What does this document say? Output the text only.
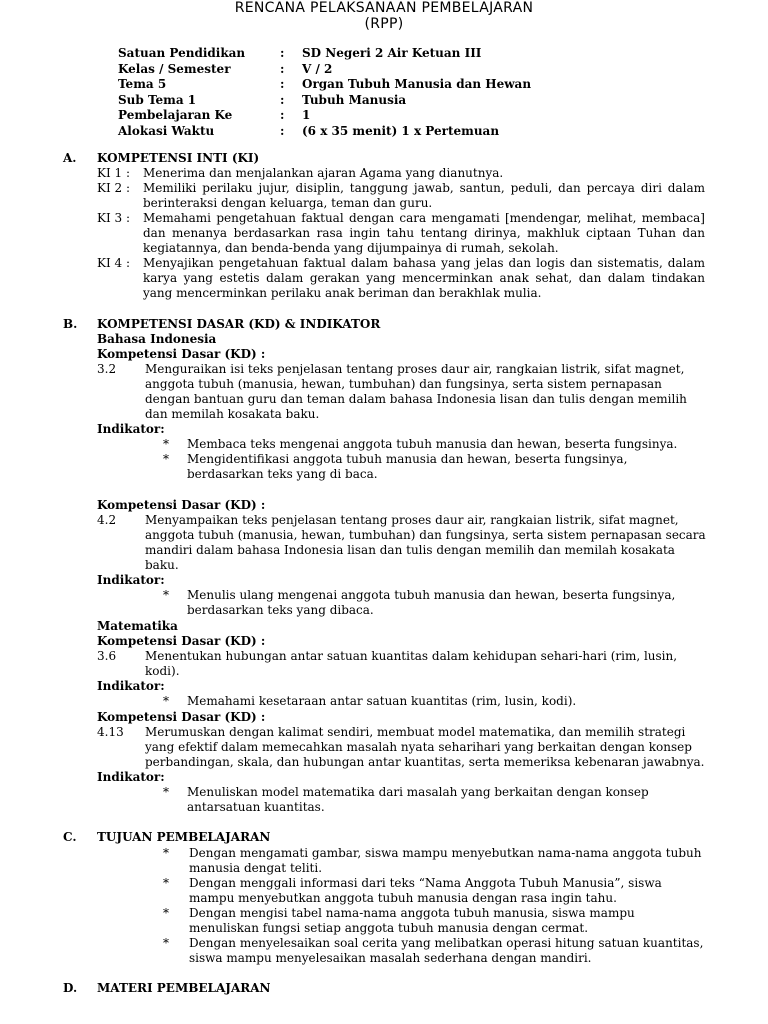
RENCANA PELAKSANAAN PEMBELAJARAN
(RPP)
Satuan Pendidikan	:	SD Negeri 2 Air Ketuan III
Kelas / Semester	:	V / 2
Tema 5	:	Organ Tubuh Manusia dan Hewan
Sub Tema 1	:	Tubuh Manusia
Pembelajaran Ke	:	1
Alokasi Waktu	:	(6 x 35 menit) 1 x Pertemuan
A.	KOMPETENSI INTI (KI)
KI 1 :	Menerima dan menjalankan ajaran Agama yang dianutnya.
KI 2 :	Memiliki perilaku jujur, disiplin, tanggung jawab, santun, peduli, dan percaya diri dalam berinteraksi dengan keluarga, teman dan guru.
KI 3 :	Memahami pengetahuan faktual dengan cara mengamati [mendengar, melihat, membaca] dan menanya berdasarkan rasa ingin tahu tentang dirinya, makhluk ciptaan Tuhan dan kegiatannya, dan benda-benda yang dijumpainya di rumah, sekolah.
KI 4 :	Menyajikan pengetahuan faktual dalam bahasa yang jelas dan logis dan sistematis, dalam karya yang estetis dalam gerakan yang mencerminkan anak sehat, dan dalam tindakan yang mencerminkan perilaku anak beriman dan berakhlak mulia.
B.	KOMPETENSI DASAR (KD) & INDIKATOR
Bahasa Indonesia
Kompetensi Dasar (KD) :
3.2	Menguraikan isi teks penjelasan tentang proses daur air, rangkaian listrik, sifat magnet, anggota tubuh (manusia, hewan, tumbuhan) dan fungsinya, serta sistem pernapasan dengan bantuan guru dan teman dalam bahasa Indonesia lisan dan tulis dengan memilih dan memilah kosakata baku.
Indikator:
*	Membaca teks mengenai anggota tubuh manusia dan hewan, beserta fungsinya.
*	Mengidentifikasi anggota tubuh manusia dan hewan, beserta fungsinya, berdasarkan teks yang di baca.
Kompetensi Dasar (KD) :
4.2	Menyampaikan teks penjelasan tentang proses daur air, rangkaian listrik, sifat magnet, anggota tubuh (manusia, hewan, tumbuhan) dan fungsinya, serta sistem pernapasan secara mandiri dalam bahasa Indonesia lisan dan tulis dengan memilih dan memilah kosakata baku.
Indikator:
*	Menulis ulang mengenai anggota tubuh manusia dan hewan, beserta fungsinya, berdasarkan teks yang dibaca.
Matematika
Kompetensi Dasar (KD) :
3.6	Menentukan hubungan antar satuan kuantitas dalam kehidupan sehari-hari (rim, lusin, kodi).
Indikator:
*	Memahami kesetaraan antar satuan kuantitas (rim, lusin, kodi).
Kompetensi Dasar (KD) :
4.13	Merumuskan dengan kalimat sendiri, membuat model matematika, dan memilih strategi yang efektif dalam memecahkan masalah nyata seharihari yang berkaitan dengan konsep perbandingan, skala, dan hubungan antar kuantitas, serta memeriksa kebenaran jawabnya.
Indikator:
*	Menuliskan model matematika dari masalah yang berkaitan dengan konsep antarsatuan kuantitas.
C.	TUJUAN PEMBELAJARAN
*	Dengan mengamati gambar, siswa mampu menyebutkan nama-nama anggota tubuh manusia dengat teliti.
*	Dengan menggali informasi dari teks “Nama Anggota Tubuh Manusia”, siswa mampu menyebutkan anggota tubuh manusia dengan rasa ingin tahu.
*	Dengan mengisi tabel nama-nama anggota tubuh manusia, siswa mampu menuliskan fungsi setiap anggota tubuh manusia dengan cermat.
*	Dengan menyelesaikan soal cerita yang melibatkan operasi hitung satuan kuantitas, siswa mampu menyelesaikan masalah sederhana dengan mandiri.
D.	MATERI PEMBELAJARAN
